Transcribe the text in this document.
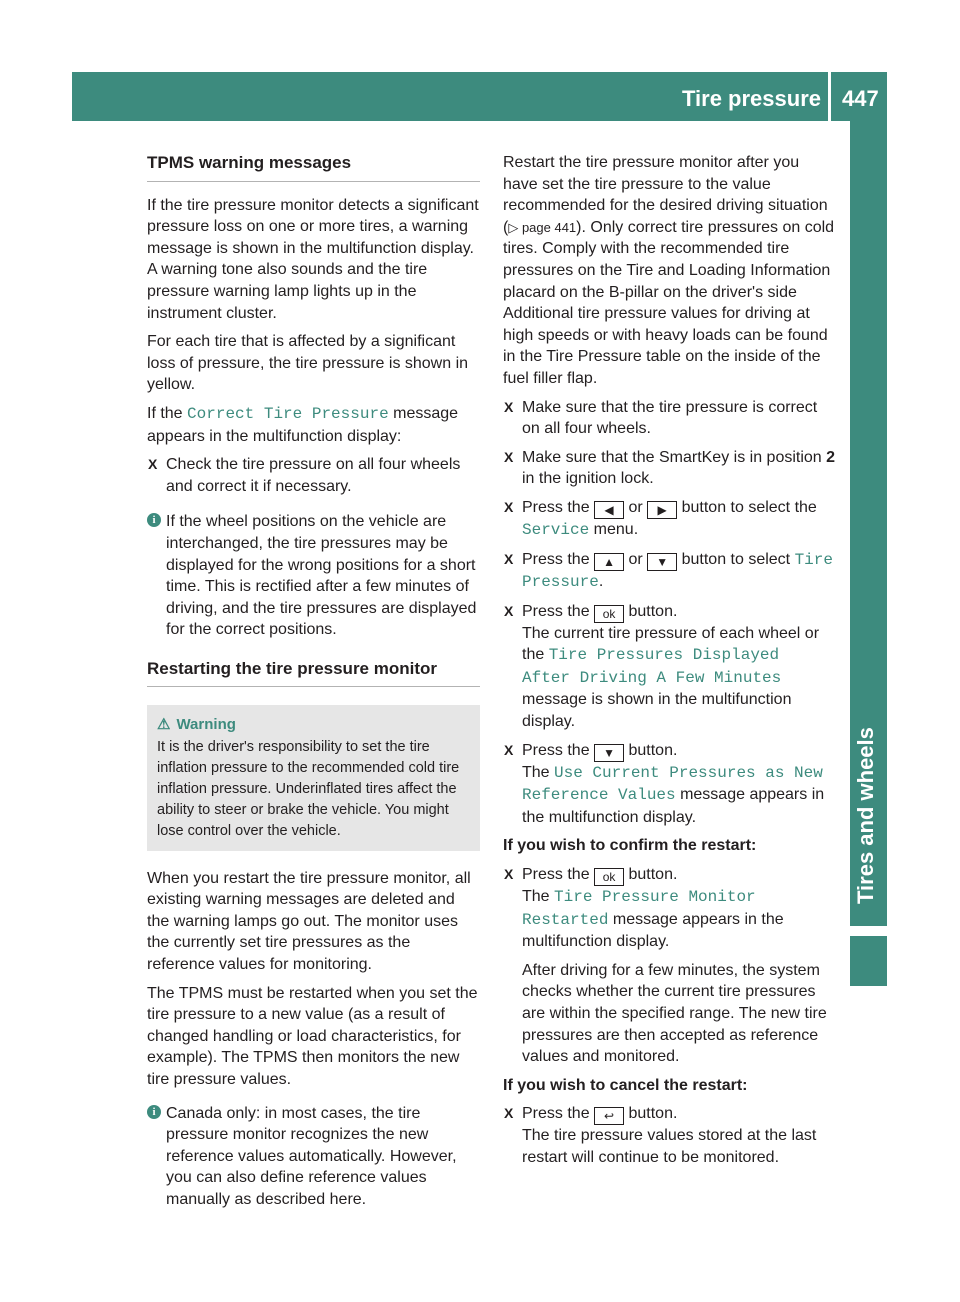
Tire pressure 447
Tires and wheels
TPMS warning messages

If the tire pressure monitor detects a significant pressure loss on one or more tires, a warning message is shown in the multifunction display. A warning tone also sounds and the tire pressure warning lamp lights up in the instrument cluster.

For each tire that is affected by a significant loss of pressure, the tire pressure is shown in yellow.

If the Correct Tire Pressure message appears in the multifunction display:

X Check the tire pressure on all four wheels and correct it if necessary.
i If the wheel positions on the vehicle are interchanged, the tire pressures may be displayed for the wrong positions for a short time. This is rectified after a few minutes of driving, and the tire pressures are displayed for the correct positions.
Restarting the tire pressure monitor
⚠ Warning
It is the driver's responsibility to set the tire inflation pressure to the recommended cold tire inflation pressure. Underinflated tires affect the ability to steer or brake the vehicle. You might lose control over the vehicle.

When you restart the tire pressure monitor, all existing warning messages are deleted and the warning lamps go out. The monitor uses the currently set tire pressures as the reference values for monitoring.

The TPMS must be restarted when you set the tire pressure to a new value (as a result of changed handling or load characteristics, for example). The TPMS then monitors the new tire pressure values.

i Canada only: in most cases, the tire pressure monitor recognizes the new reference values automatically. However, you can also define reference values manually as described here.

Restart the tire pressure monitor after you have set the tire pressure to the value recommended for the desired driving situation (▷ page 441). Only correct tire pressures on cold tires. Comply with the recommended tire pressures on the Tire and Loading Information placard on the B-pillar on the driver's side Additional tire pressure values for driving at high speeds or with heavy loads can be found in the Tire Pressure table on the inside of the fuel filler flap.

X Make sure that the tire pressure is correct on all four wheels.
X Make sure that the SmartKey is in position 2 in the ignition lock.
X Press the ◀ or ▶ button to select the Service menu.
X Press the ▲ or ▼ button to select Tire Pressure.
X Press the ok button.
The current tire pressure of each wheel or the Tire Pressures Displayed After Driving A Few Minutes message is shown in the multifunction display.
X Press the ▼ button.
The Use Current Pressures as New Reference Values message appears in the multifunction display.
If you wish to confirm the restart:
X Press the ok button.
The Tire Pressure Monitor Restarted message appears in the multifunction display.
After driving for a few minutes, the system checks whether the current tire pressures are within the specified range. The new tire pressures are then accepted as reference values and monitored.
If you wish to cancel the restart:
X Press the ↩ button.
The tire pressure values stored at the last restart will continue to be monitored.
